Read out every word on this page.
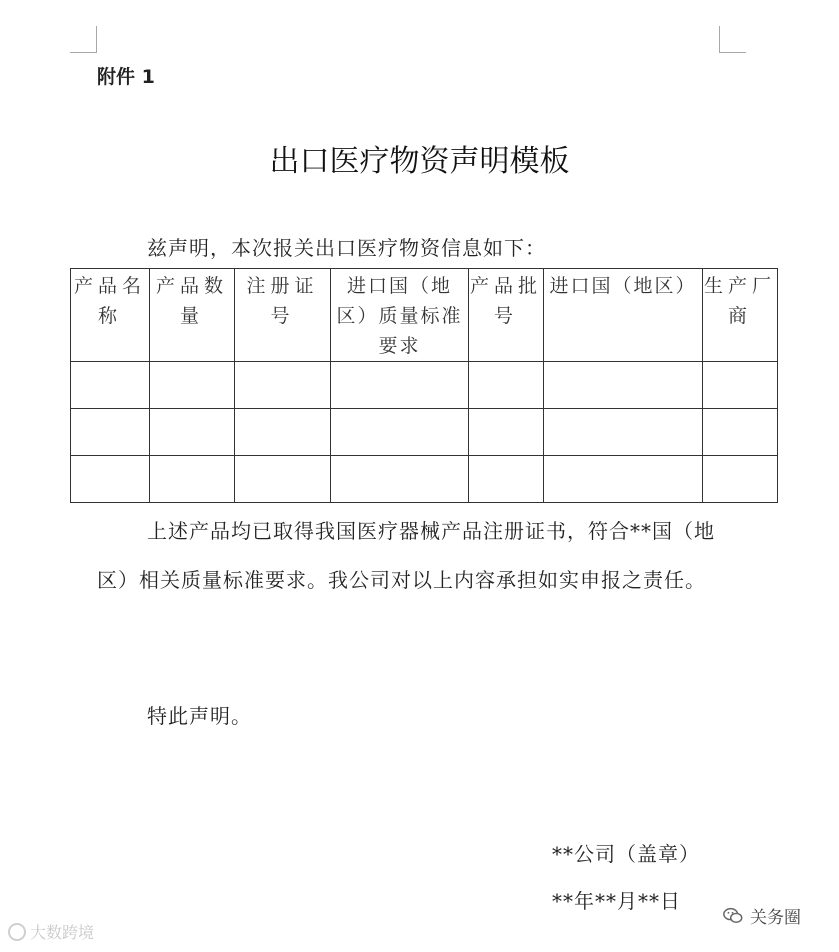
附件 1
出口医疗物资声明模板
兹声明，本次报关出口医疗物资信息如下：
产品名称	产品数量	注册证号	进口国（地区）质量标准要求	产品批号	进口国（地区）	生产厂商

上述产品均已取得我国医疗器械产品注册证书，符合**国（地区）相关质量标准要求。我公司对以上内容承担如实申报之责任。
特此声明。
**公司（盖章）
**年**月**日
大数跨境
关务圈
